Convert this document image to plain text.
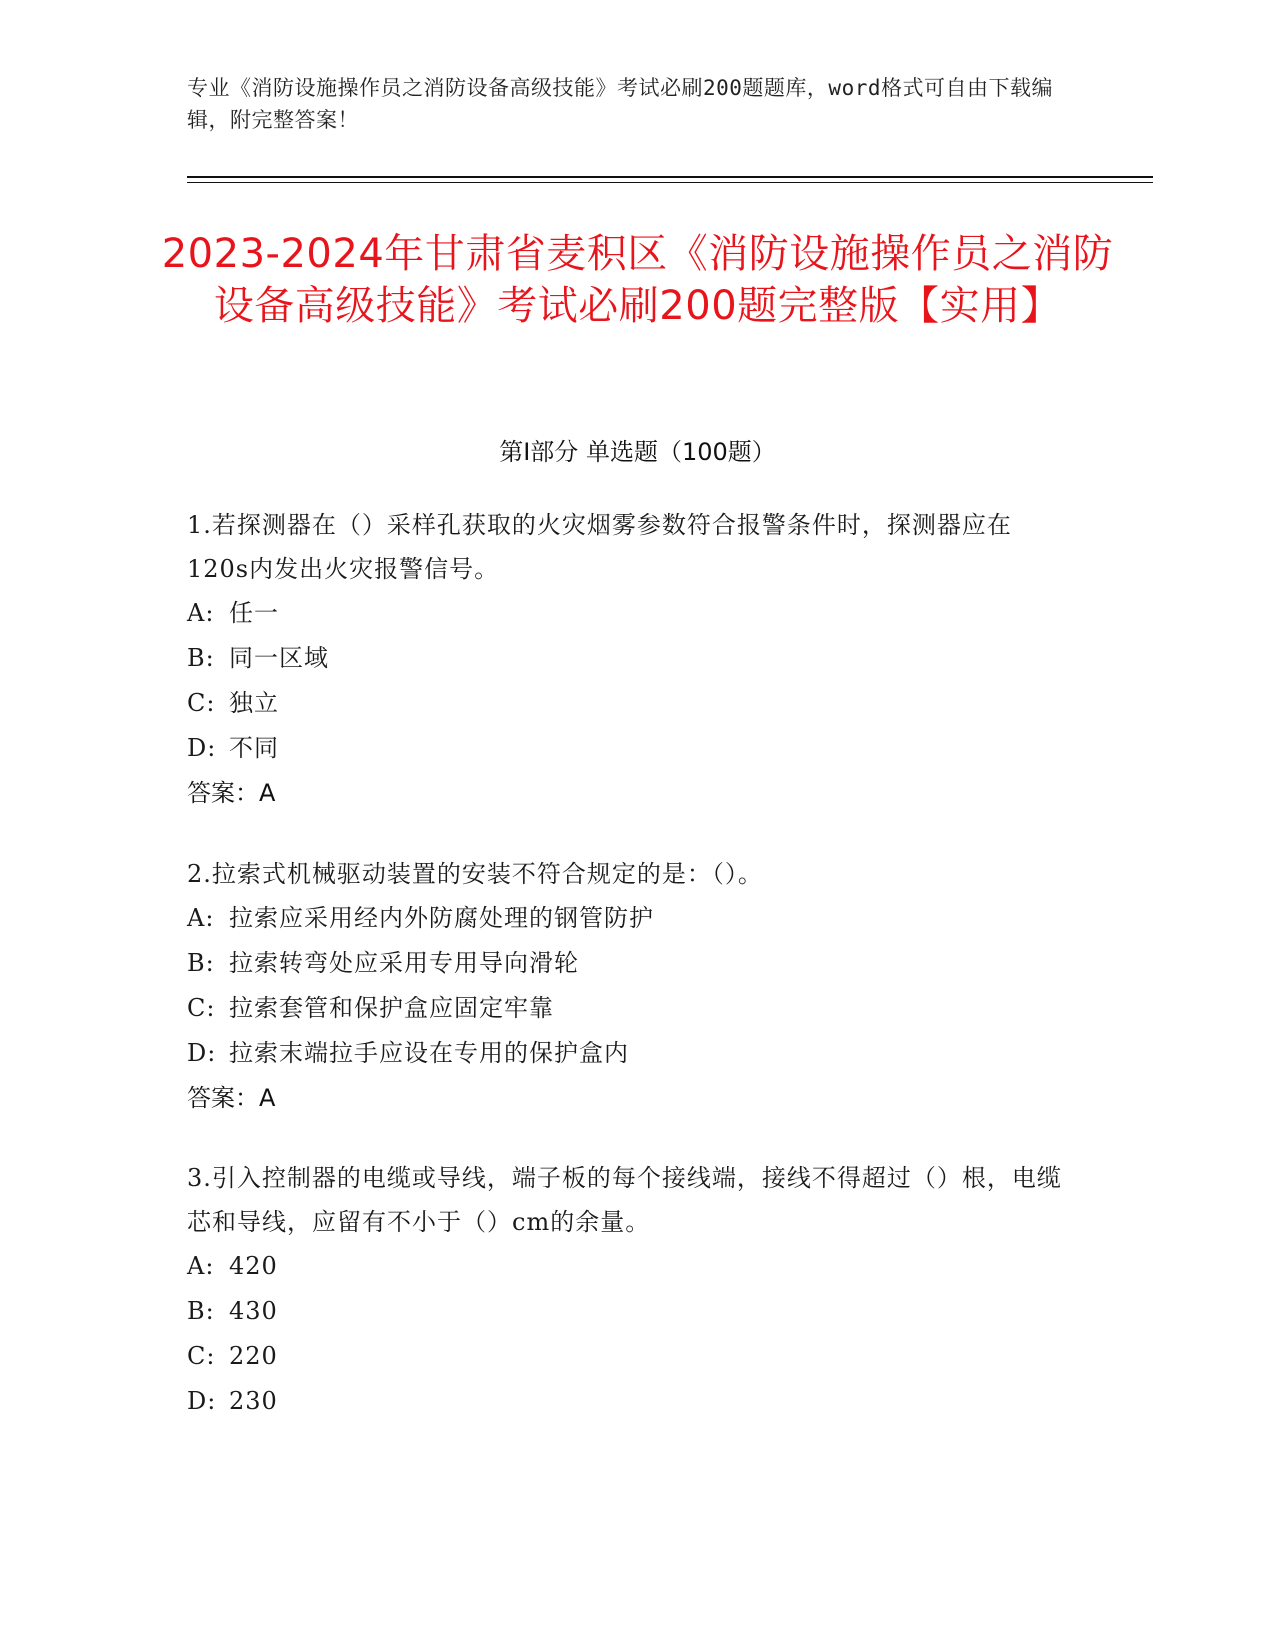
专业《消防设施操作员之消防设备高级技能》考试必刷200题题库，word格式可自由下载编辑，附完整答案！
2023-2024年甘肃省麦积区《消防设施操作员之消防设备高级技能》考试必刷200题完整版【实用】
第Ⅰ部分 单选题（100题）
1.若探测器在（）采样孔获取的火灾烟雾参数符合报警条件时，探测器应在120s内发出火灾报警信号。
A: 任一
B: 同一区域
C: 独立
D: 不同
答案：A
2.拉索式机械驱动装置的安装不符合规定的是：（）。
A: 拉索应采用经内外防腐处理的钢管防护
B: 拉索转弯处应采用专用导向滑轮
C: 拉索套管和保护盒应固定牢靠
D: 拉索末端拉手应设在专用的保护盒内
答案：A
3.引入控制器的电缆或导线，端子板的每个接线端，接线不得超过（）根，电缆芯和导线，应留有不小于（）cm的余量。
A: 420
B: 430
C: 220
D: 230
